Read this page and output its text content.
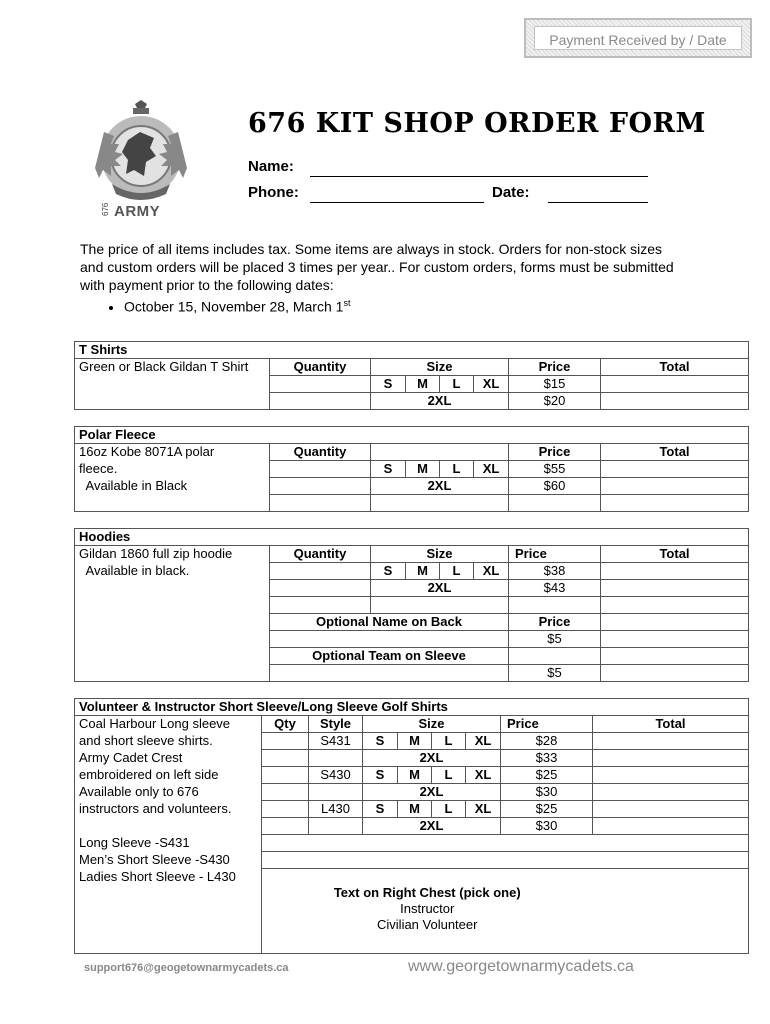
Payment Received by / Date
676 ARMY
676 KIT SHOP ORDER FORM
Name:
Phone:	Date:
The price of all items includes tax. Some items are always in stock. Orders for non-stock sizes and custom orders will be placed 3 times per year.. For custom orders, forms must be submitted with payment prior to the following dates:
• October 15, November 28, March 1st
T Shirts							
Green or Black Gildan T Shirt	Quantity	Size				Price	Total
		S	M	L	XL	$15	
		2XL				$20	
Polar Fleece							
16oz Kobe 8071A polar	Quantity					Price	Total
fleece.		S	M	L	XL	$55	
Available in Black		2XL				$60	

Hoodies							
Gildan 1860 full zip hoodie	Quantity	Size				Price	Total
Available in black.		S	M	L	XL	$38	
		2XL				$43	

	Optional Name on Back					Price	
						$5	
	Optional Team on Sleeve						
						$5	
Volunteer & Instructor Short Sleeve/Long Sleeve Golf Shirts								
Coal Harbour Long sleeve	Qty	Style	Size				Price	Total
and short sleeve shirts.		S431	S	M	L	XL	$28	
Army Cadet Crest			2XL				$33	
embroidered on left side		S430	S	M	L	XL	$25	
Available only to 676			2XL				$30	
instructors and volunteers.		L430	S	M	L	XL	$25	
			2XL				$30	
Long Sleeve -S431								
Men’s Short Sleeve -S430								
Ladies Short Sleeve - L430								
	Text on Right Chest (pick one)							
	Instructor							
	Civilian Volunteer							

support676@geogetownarmycadets.ca	www.georgetownarmycadets.ca
